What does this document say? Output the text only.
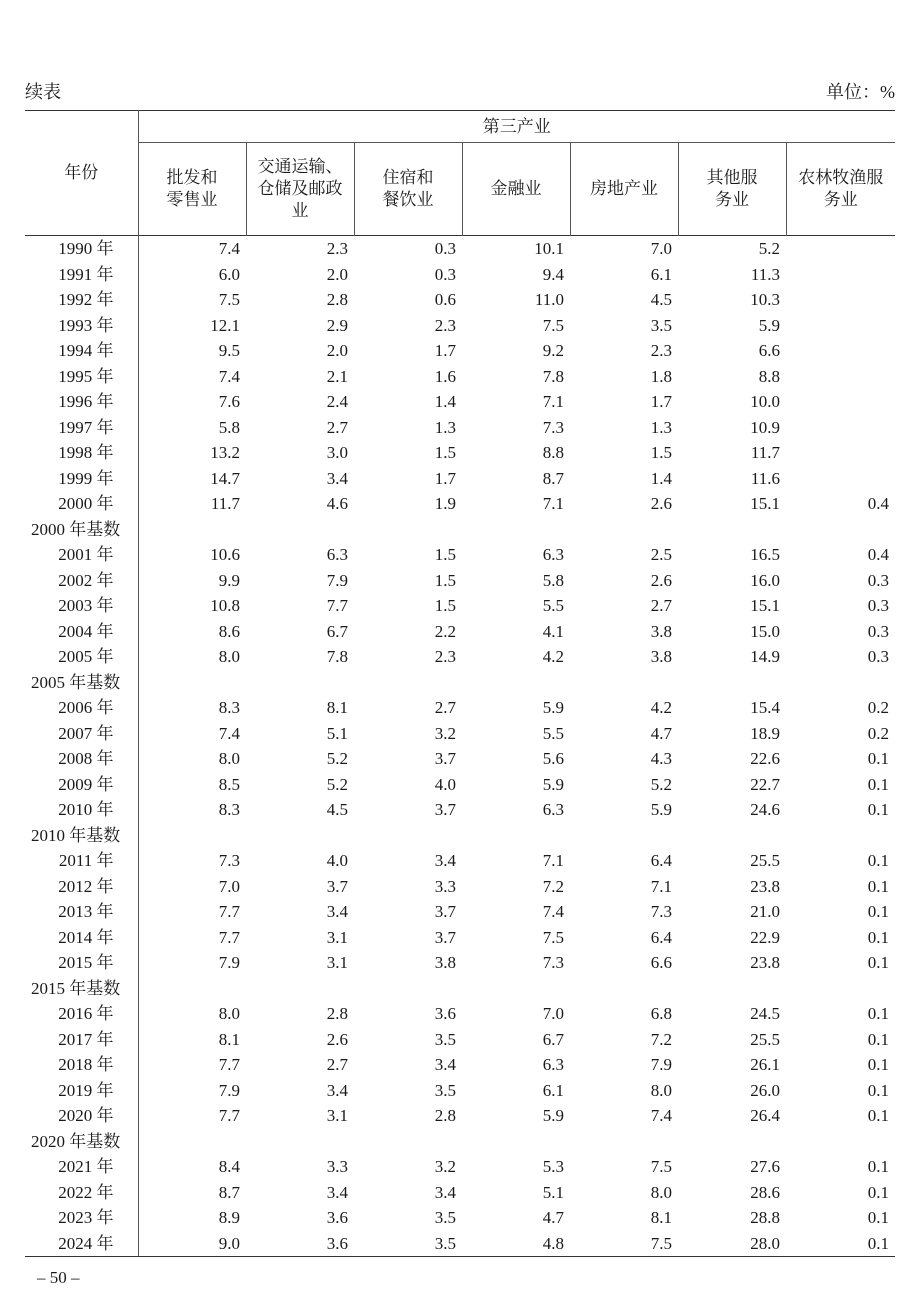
续表	单位：%
年份	第三产业						

	批发和零售业	交通运输、仓储及邮政业	住宿和餐饮业	金融业	房地产业	其他服务业	农林牧渔服务业

1990 年	7.4	2.3	0.3	10.1	7.0	5.2	
1991 年	6.0	2.0	0.3	9.4	6.1	11.3	
1992 年	7.5	2.8	0.6	11.0	4.5	10.3	
1993 年	12.1	2.9	2.3	7.5	3.5	5.9	
1994 年	9.5	2.0	1.7	9.2	2.3	6.6	
1995 年	7.4	2.1	1.6	7.8	1.8	8.8	
1996 年	7.6	2.4	1.4	7.1	1.7	10.0	
1997 年	5.8	2.7	1.3	7.3	1.3	10.9	
1998 年	13.2	3.0	1.5	8.8	1.5	11.7	
1999 年	14.7	3.4	1.7	8.7	1.4	11.6	
2000 年	11.7	4.6	1.9	7.1	2.6	15.1	0.4
2000 年基数							
2001 年	10.6	6.3	1.5	6.3	2.5	16.5	0.4
2002 年	9.9	7.9	1.5	5.8	2.6	16.0	0.3
2003 年	10.8	7.7	1.5	5.5	2.7	15.1	0.3
2004 年	8.6	6.7	2.2	4.1	3.8	15.0	0.3
2005 年	8.0	7.8	2.3	4.2	3.8	14.9	0.3
2005 年基数							
2006 年	8.3	8.1	2.7	5.9	4.2	15.4	0.2
2007 年	7.4	5.1	3.2	5.5	4.7	18.9	0.2
2008 年	8.0	5.2	3.7	5.6	4.3	22.6	0.1
2009 年	8.5	5.2	4.0	5.9	5.2	22.7	0.1
2010 年	8.3	4.5	3.7	6.3	5.9	24.6	0.1
2010 年基数							
2011 年	7.3	4.0	3.4	7.1	6.4	25.5	0.1
2012 年	7.0	3.7	3.3	7.2	7.1	23.8	0.1
2013 年	7.7	3.4	3.7	7.4	7.3	21.0	0.1
2014 年	7.7	3.1	3.7	7.5	6.4	22.9	0.1
2015 年	7.9	3.1	3.8	7.3	6.6	23.8	0.1
2015 年基数							
2016 年	8.0	2.8	3.6	7.0	6.8	24.5	0.1
2017 年	8.1	2.6	3.5	6.7	7.2	25.5	0.1
2018 年	7.7	2.7	3.4	6.3	7.9	26.1	0.1
2019 年	7.9	3.4	3.5	6.1	8.0	26.0	0.1
2020 年	7.7	3.1	2.8	5.9	7.4	26.4	0.1
2020 年基数							
2021 年	8.4	3.3	3.2	5.3	7.5	27.6	0.1
2022 年	8.7	3.4	3.4	5.1	8.0	28.6	0.1
2023 年	8.9	3.6	3.5	4.7	8.1	28.8	0.1
2024 年	9.0	3.6	3.5	4.8	7.5	28.0	0.1
– 50 –
